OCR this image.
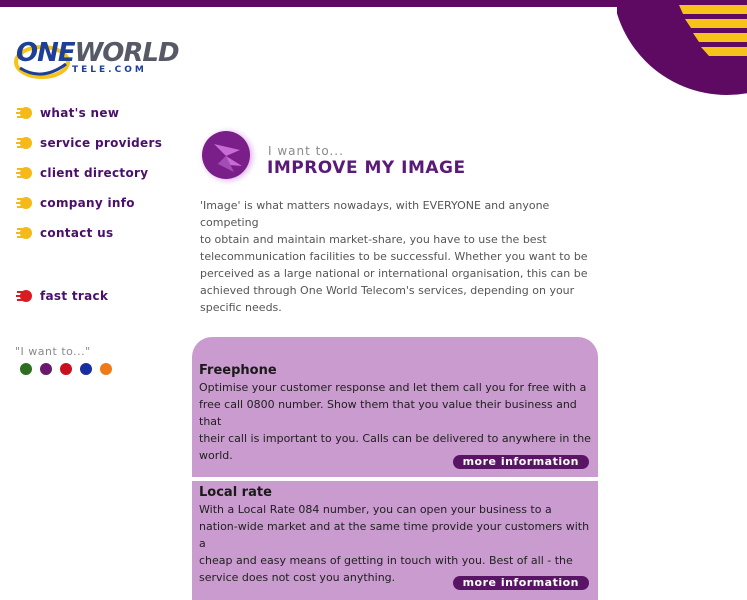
ONEWORLD
TELE.COM
what's new
service providers
client directory
company info
contact us
fast track
"I want to..."
I want to...
IMPROVE MY IMAGE
'Image' is what matters nowadays, with EVERYONE and anyone competing
to obtain and maintain market-share, you have to use the best
telecommunication facilities to be successful. Whether you want to be
perceived as a large national or international organisation, this can be
achieved through One World Telecom's services, depending on your
specific needs.
Freephone
Optimise your customer response and let them call you for free with a
free call 0800 number. Show them that you value their business and that
their call is important to you. Calls can be delivered to anywhere in the
world.	more information
Local rate
With a Local Rate 084 number, you can open your business to a
nation-wide market and at the same time provide your customers with a
cheap and easy means of getting in touch with you. Best of all - the
service does not cost you anything.	more information
